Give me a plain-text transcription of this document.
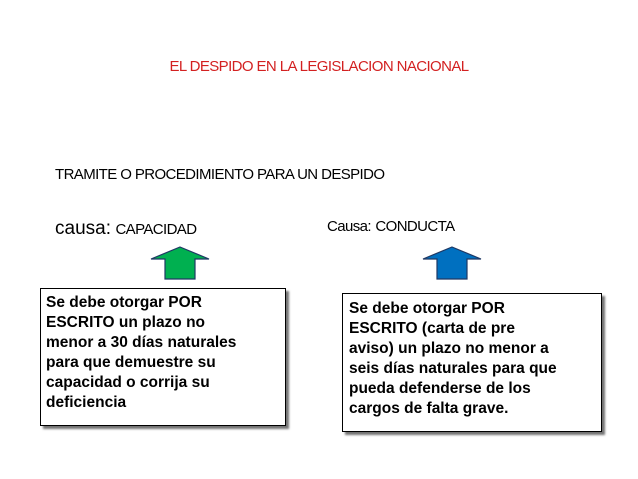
EL DESPIDO EN LA LEGISLACION NACIONAL
TRAMITE O PROCEDIMIENTO PARA UN DESPIDO
causa: CAPACIDAD	Causa: CONDUCTA
Se debe otorgar POR
ESCRITO un plazo no
menor a 30 días naturales
para que demuestre su
capacidad o corrija su
deficiencia
Se debe otorgar POR
ESCRITO (carta de pre
aviso) un plazo no menor a
seis días naturales para que
pueda defenderse de los
cargos de falta grave.
